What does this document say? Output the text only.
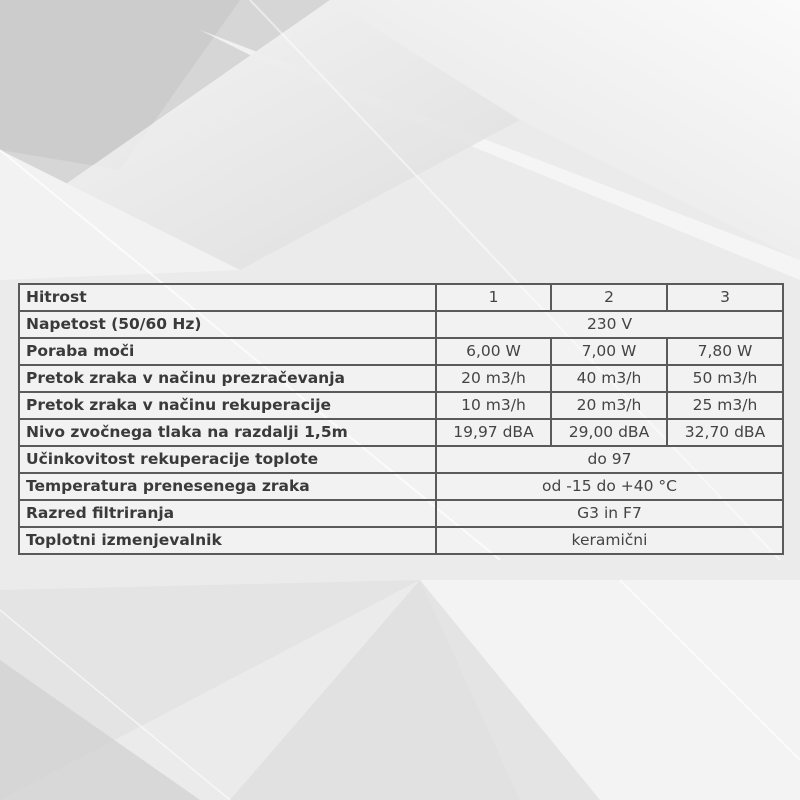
Hitrost	1	2	3
Napetost (50/60 Hz)	230 V		
Poraba moči	6,00 W	7,00 W	7,80 W
Pretok zraka v načinu prezračevanja	20 m3/h	40 m3/h	50 m3/h
Pretok zraka v načinu rekuperacije	10 m3/h	20 m3/h	25 m3/h
Nivo zvočnega tlaka na razdalji 1,5m	19,97 dBA	29,00 dBA	32,70 dBA
Učinkovitost rekuperacije toplote	do 97		
Temperatura prenesenega zraka	od -15 do +40 °C		
Razred filtriranja	G3 in F7		
Toplotni izmenjevalnik	keramični		
